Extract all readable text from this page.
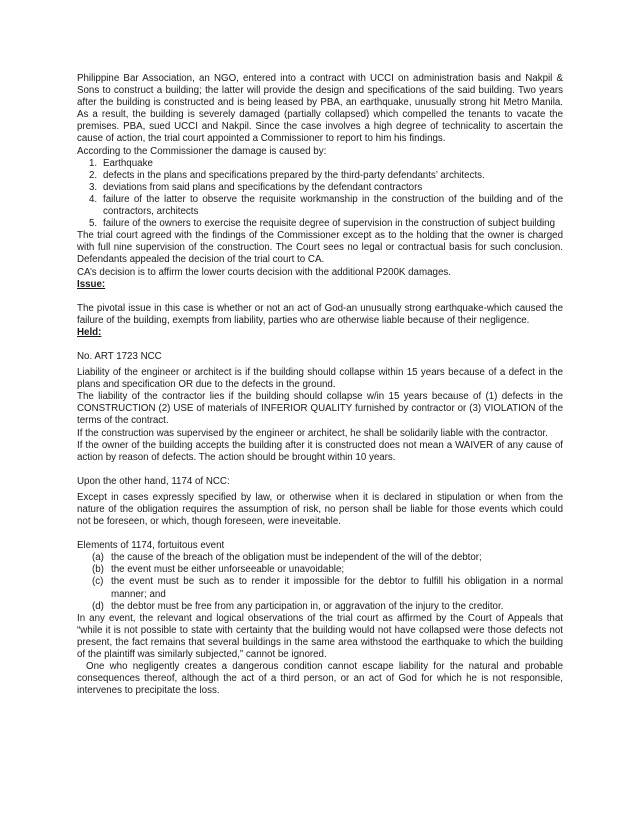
Philippine Bar Association, an NGO, entered into a contract with UCCI on administration basis and Nakpil & Sons to construct a building; the latter will provide the design and specifications of the said building. Two years after the building is constructed and is being leased by PBA, an earthquake, unusually strong hit Metro Manila. As a result, the building is severely damaged (partially collapsed) which compelled the tenants to vacate the premises. PBA, sued UCCI and Nakpil. Since the case involves a high degree of technicality to ascertain the cause of action, the trial court appointed a Commissioner to report to him his findings.

According to the Commissioner the damage is caused by:

1. Earthquake
2. defects in the plans and specifications prepared by the third-party defendants’ architects.
3. deviations from said plans and specifications by the defendant contractors
4. failure of the latter to observe the requisite workmanship in the construction of the building and of the contractors, architects
5. failure of the owners to exercise the requisite degree of supervision in the construction of subject building

The trial court agreed with the findings of the Commissioner except as to the holding that the owner is charged with full nine supervision of the construction. The Court sees no legal or contractual basis for such conclusion. Defendants appealed the decision of the trial court to CA.

CA’s decision is to affirm the lower courts decision with the additional P200K damages.

Issue:

The pivotal issue in this case is whether or not an act of God-an unusually strong earthquake-which caused the failure of the building, exempts from liability, parties who are otherwise liable because of their negligence.

Held:

No. ART 1723 NCC

Liability of the engineer or architect is if the building should collapse within 15 years because of a defect in the plans and specification OR due to the defects in the ground.

The liability of the contractor lies if the building should collapse w/in 15 years because of (1) defects in the CONSTRUCTION (2) USE of materials of INFERIOR QUALITY furnished by contractor or (3) VIOLATION of the terms of the contract.

If the construction was supervised by the engineer or architect, he shall be solidarily liable with the contractor.

If the owner of the building accepts the building after it is constructed does not mean a WAIVER of any cause of action by reason of defects. The action should be brought within 10 years.

Upon the other hand, 1174 of NCC:

Except in cases expressly specified by law, or otherwise when it is declared in stipulation or when from the nature of the obligation requires the assumption of risk, no person shall be liable for those events which could not be foreseen, or which, though foreseen, were ineveitable.

Elements of 1174, fortuitous event

(a) the cause of the breach of the obligation must be independent of the will of the debtor;
(b) the event must be either unforseeable or unavoidable;
(c) the event must be such as to render it impossible for the debtor to fulfill his obligation in a normal manner; and
(d) the debtor must be free from any participation in, or aggravation of the injury to the creditor.

In any event, the relevant and logical observations of the trial court as affirmed by the Court of Appeals that “while it is not possible to state with certainty that the building would not have collapsed were those defects not present, the fact remains that several buildings in the same area withstood the earthquake to which the building of the plaintiff was similarly subjected,” cannot be ignored.

One who negligently creates a dangerous condition cannot escape liability for the natural and probable consequences thereof, although the act of a third person, or an act of God for which he is not responsible, intervenes to precipitate the loss.
